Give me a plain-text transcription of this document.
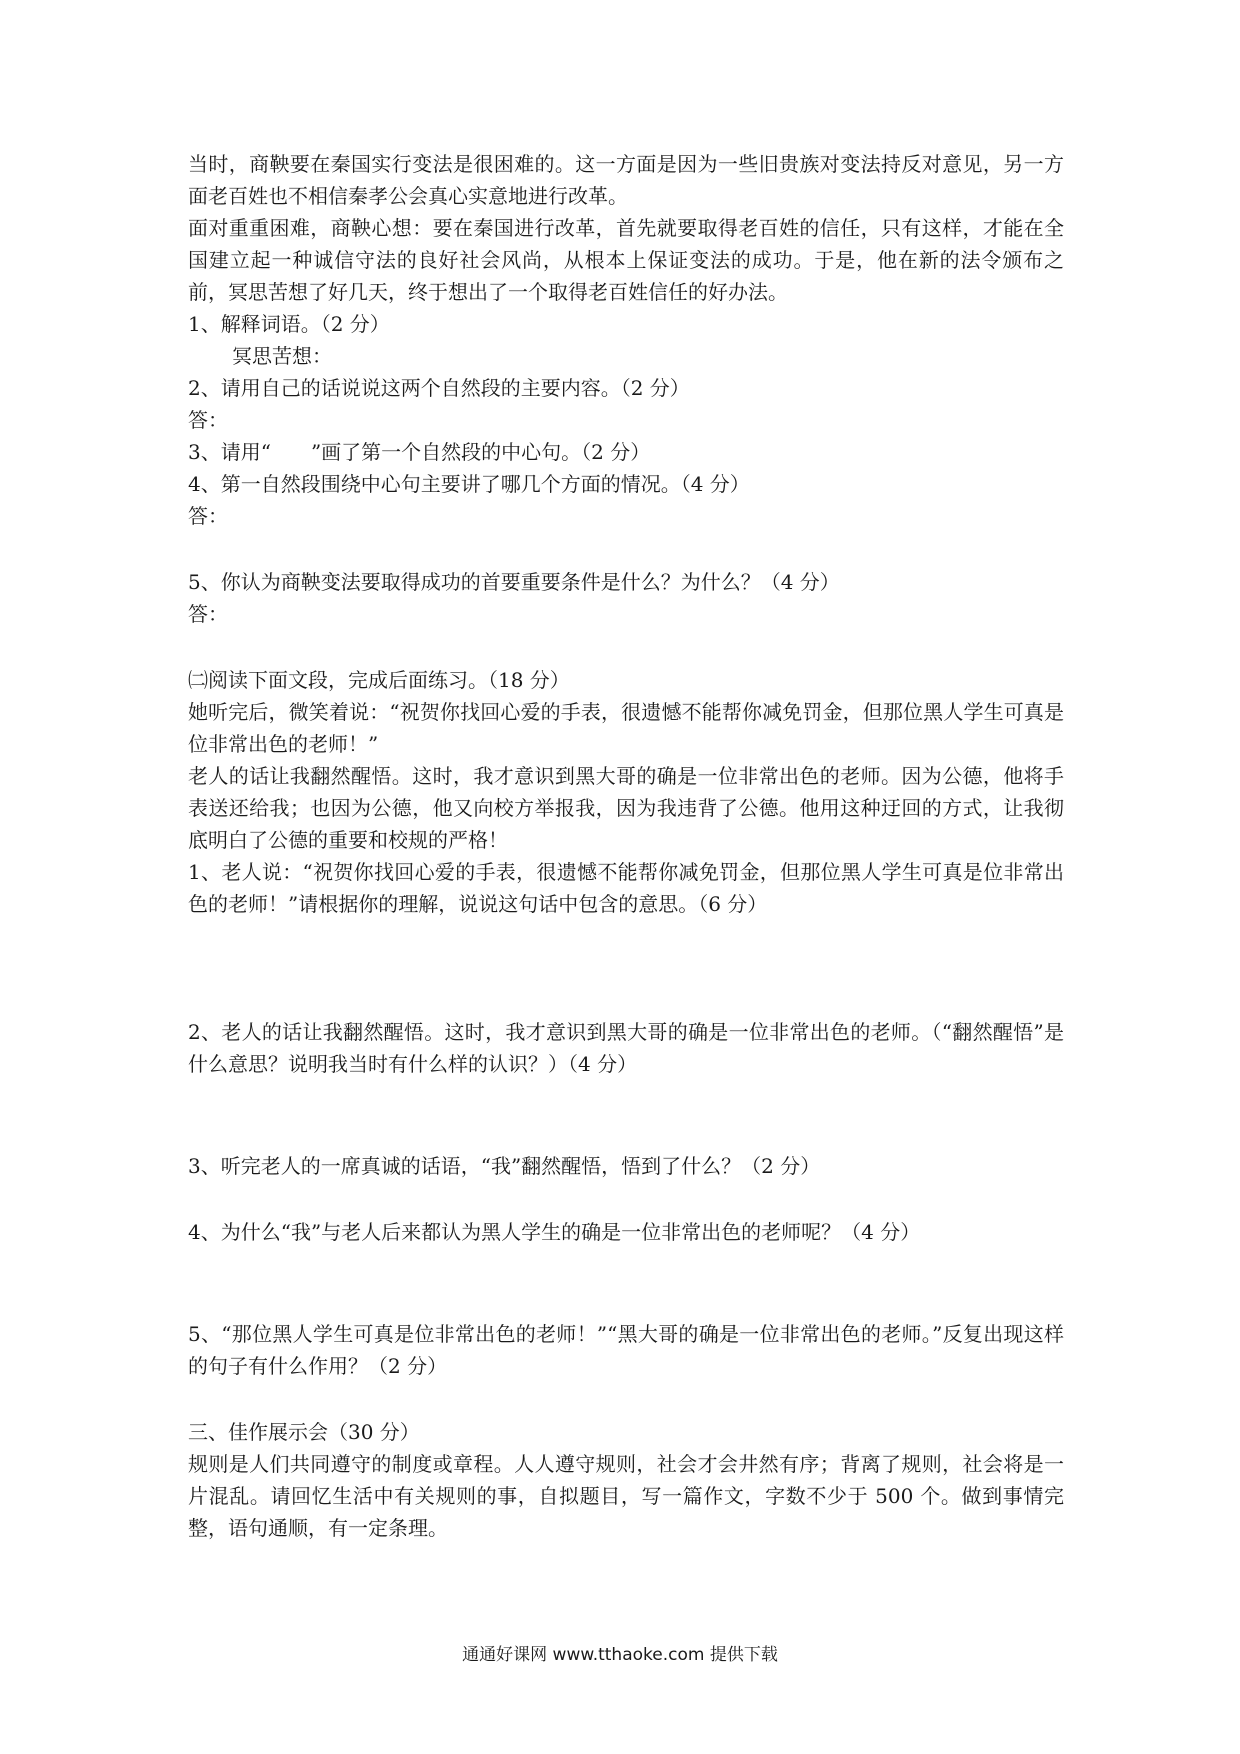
当时，商鞅要在秦国实行变法是很困难的。这一方面是因为一些旧贵族对变法持反对意见，另一方面老百姓也不相信秦孝公会真心实意地进行改革。

面对重重困难，商鞅心想：要在秦国进行改革，首先就要取得老百姓的信任，只有这样，才能在全国建立起一种诚信守法的良好社会风尚，从根本上保证变法的成功。于是，他在新的法令颁布之前，冥思苦想了好几天，终于想出了一个取得老百姓信任的好办法。

1、解释词语。（2 分）

冥思苦想：

2、请用自己的话说说这两个自然段的主要内容。（2 分）

答：

3、请用“　　”画了第一个自然段的中心句。（2 分）

4、第一自然段围绕中心句主要讲了哪几个方面的情况。（4 分）

答：

5、你认为商鞅变法要取得成功的首要重要条件是什么？为什么？（4 分）

答：

㈡阅读下面文段，完成后面练习。（18 分）

她听完后，微笑着说：“祝贺你找回心爱的手表，很遗憾不能帮你减免罚金，但那位黑人学生可真是位非常出色的老师！”

老人的话让我翻然醒悟。这时，我才意识到黑大哥的确是一位非常出色的老师。因为公德，他将手表送还给我；也因为公德，他又向校方举报我，因为我违背了公德。他用这种迂回的方式，让我彻底明白了公德的重要和校规的严格！

1、老人说：“祝贺你找回心爱的手表，很遗憾不能帮你减免罚金，但那位黑人学生可真是位非常出色的老师！”请根据你的理解，说说这句话中包含的意思。（6 分）

2、老人的话让我翻然醒悟。这时，我才意识到黑大哥的确是一位非常出色的老师。（“翻然醒悟”是什么意思？说明我当时有什么样的认识？）（4 分）

3、听完老人的一席真诚的话语，“我”翻然醒悟，悟到了什么？（2 分）

4、为什么“我”与老人后来都认为黑人学生的确是一位非常出色的老师呢？（4 分）

5、“那位黑人学生可真是位非常出色的老师！”“黑大哥的确是一位非常出色的老师。”反复出现这样的句子有什么作用？（2 分）

三、佳作展示会（30 分）

规则是人们共同遵守的制度或章程。人人遵守规则，社会才会井然有序；背离了规则，社会将是一片混乱。请回忆生活中有关规则的事，自拟题目，写一篇作文，字数不少于 500 个。做到事情完整，语句通顺，有一定条理。

通通好课网 www.tthaoke.com 提供下载
